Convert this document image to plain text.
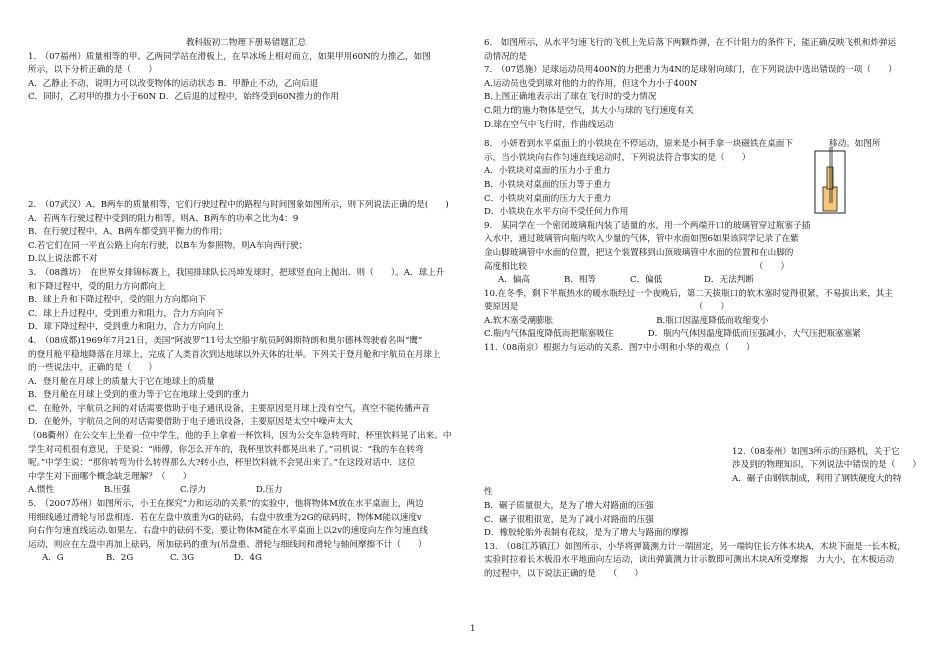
教科版初二物理下册易错题汇总

1.　（07福州）质量相等的甲、乙两同学站在滑板上，在旱冰场上相对而立，如果甲用60N的力推乙，如图

所示，以下分析正确的是（　　）

A．乙静止不动，说明力可以改变物体的运动状态 B．甲静止不动，乙向后退

C．同时，乙对甲的推力小于60N D．乙后退的过程中，始终受到60N推力的作用

2.　（07武汉）A、B两车的质量相等，它们行驶过程中的路程与时间图象如图所示，则下列说法正确的是(　　)

A．若两车行驶过程中受到的阻力相等，则A、B两车的功率之比为4：9

B．在行驶过程中，A、B两车都受到平衡力的作用；

C.若它们在同一平直公路上向东行驶，以B车为参照物，则A车向西行驶；

D.以上说法都不对

3.　（08潍坊）　在世界女排锦标赛上，我国排球队长冯坤发球时，把球竖直向上抛出．则（　　）。A．球上升

和下降过程中，受的阻力方向都向上

B．球上升和下降过程中，受的阻力方向都向下

C．球上升过程中，受到重力和阻力，合力方向向下

D．球下降过程中，受到重力和阻力，合力方向向上

4.　（08成都)1969年7月21日，美国“阿波罗”11号太空船宇航员阿姆斯特朗和奥尔德林驾驶着名叫“鹰”

的登月舱平稳地降落在月球上，完成了人类首次到达地球以外天体的壮举。下列关于登月舱和宇航员在月球上

的一些说法中，正确的是（　　）

A．登月舱在月球上的质量大于它在地球上的质量

B．登月舱在月球上受到的重力等于它在地球上受到的重力

C．在舱外，宇航员之间的对话需要借助于电子通讯设备，主要原因是月球上没有空气，真空不能传播声音

D．在舱外，宇航员之间的对话需要借助于电子通讯设备，主要原因是太空中噪声太大

（08衢州）在公交车上坐着一位中学生，他的手上拿着一杯饮料，因为公交车急转弯时，杯里饮料晃了出来。中

学生对司机很有意见，于是说：“师傅，你怎么开车的，我杯里饮料都晃出来了。”司机说：“我的车在转弯

呢。”中学生说：“那你转弯为什么转得那么大?转小点，杯里饮料就不会晃出来了。”在这段对话中．这位

中学生对下面哪个概念缺乏理解？（　　）

A.惯性	B.压强	C.浮力	D.压力

5.　（2007苏州）如图所示，小王在探究“力和运动的关系”的实验中，他将物体M放在水平桌面上，两边

用细线通过滑轮与吊盘相连．若在左盘中放重为G的砝码，右盘中放重为2G的砝码时，物体M能以速度v

向右作匀速直线运动.如果左、右盘中的砝码不变，要让物体M能在水平桌面上以2v的速度向左作匀速直线

运动，则应在左盘中再加上砝码，所加砝码的重为(吊盘重、滑轮与细线间和滑轮与轴间摩擦不计（　　）

A．G	B．2G	C. 3G	D．4G

6.　如图所示，从水平匀速飞行的飞机上先后落下两颗炸弹，在不计阻力的条件下，能正确反映飞机和炸弹运

动情况的是

7.　（07恩施）足球运动员用400N的力把重力为4N的足球射向球门，在下列说法中选出错误的一项（　　）

A.运动员也受到球对他的力的作用，但这个力小于400N

B.上图正确地表示出了球在飞行时的受力情况

C.阻力f的施力物体是空气，其大小与球的飞行速度有关

D.球在空气中飞行时，作曲线运动

8.　小妍看到水平桌面上的小铁块在不停运动，原来是小柯手拿一块磁铁在桌面下	移动。如图所

示，当小铁块向右作匀速直线运动时，下列说法符合事实的是（　　）

A．小铁块对桌面的压力小于重力

B．小铁块对桌面的压力等于重力

C．小铁块对桌面的压力大于重力

D．小铁块在水平方向不受任何力作用

9.　某同学在一个密闭玻璃瓶内装了适量的水，用一个两端开口的玻璃管穿过瓶塞子插

入水中，通过玻璃管向瓶内吹入少量的气体，管中水面如图6如果该同学记录了在紫

金山脚玻璃管中水面的位置，把这个装置移到山顶玻璃管中水面的位置和在山脚的

高度相比较　　　　　　　　　　　　　　　　　　　　　　　　　　　（　　）

A．偏高	B．相等	C．偏低	D．无法判断

10.在冬季，剩下半瓶热水的暖水瓶经过一个夜晚后，第二天拔瓶口的软木塞时觉得很紧，不易拔出来，其主

要原因是　　　　　　　　　　　　　　　　　　　　　（　　）

A.软木塞受潮膨胀　　　　　　　　　　　　B.瓶口因温度降低而收缩变小

C.瓶内气体温度降低而把瓶塞吸住　　　　D．瓶内气体因温度降低而压强减小，大气压把瓶塞塞紧

11.（08南京）根据力与运动的关系．图7中小明和小华的观点（　　）

12.（08泰州）如图3所示的压路机，关于它

涉及到的物理知识，下列说法中错误的是（　　）

A．碾子由钢铁制成，利用了钢铁硬度大的特

性

B．碾子质量很大，是为了增大对路面的压强

C．碾子很粗很宽，是为了减小对路面的压强

D．橡胶轮胎外表制有花纹，是为了增大与路面的摩擦

13.　（08江苏镇江）如图所示，小华将弹簧测力计一端固定，另一端钩住长方体木块A，木块下面是一长木板，

实验时拉着长木板沿水平地面向左运动，读出弹簧测力计示数即可测出木块A所受摩擦　力大小，在木板运动

的过程中，以下说法正确的是　　（　　）

1
